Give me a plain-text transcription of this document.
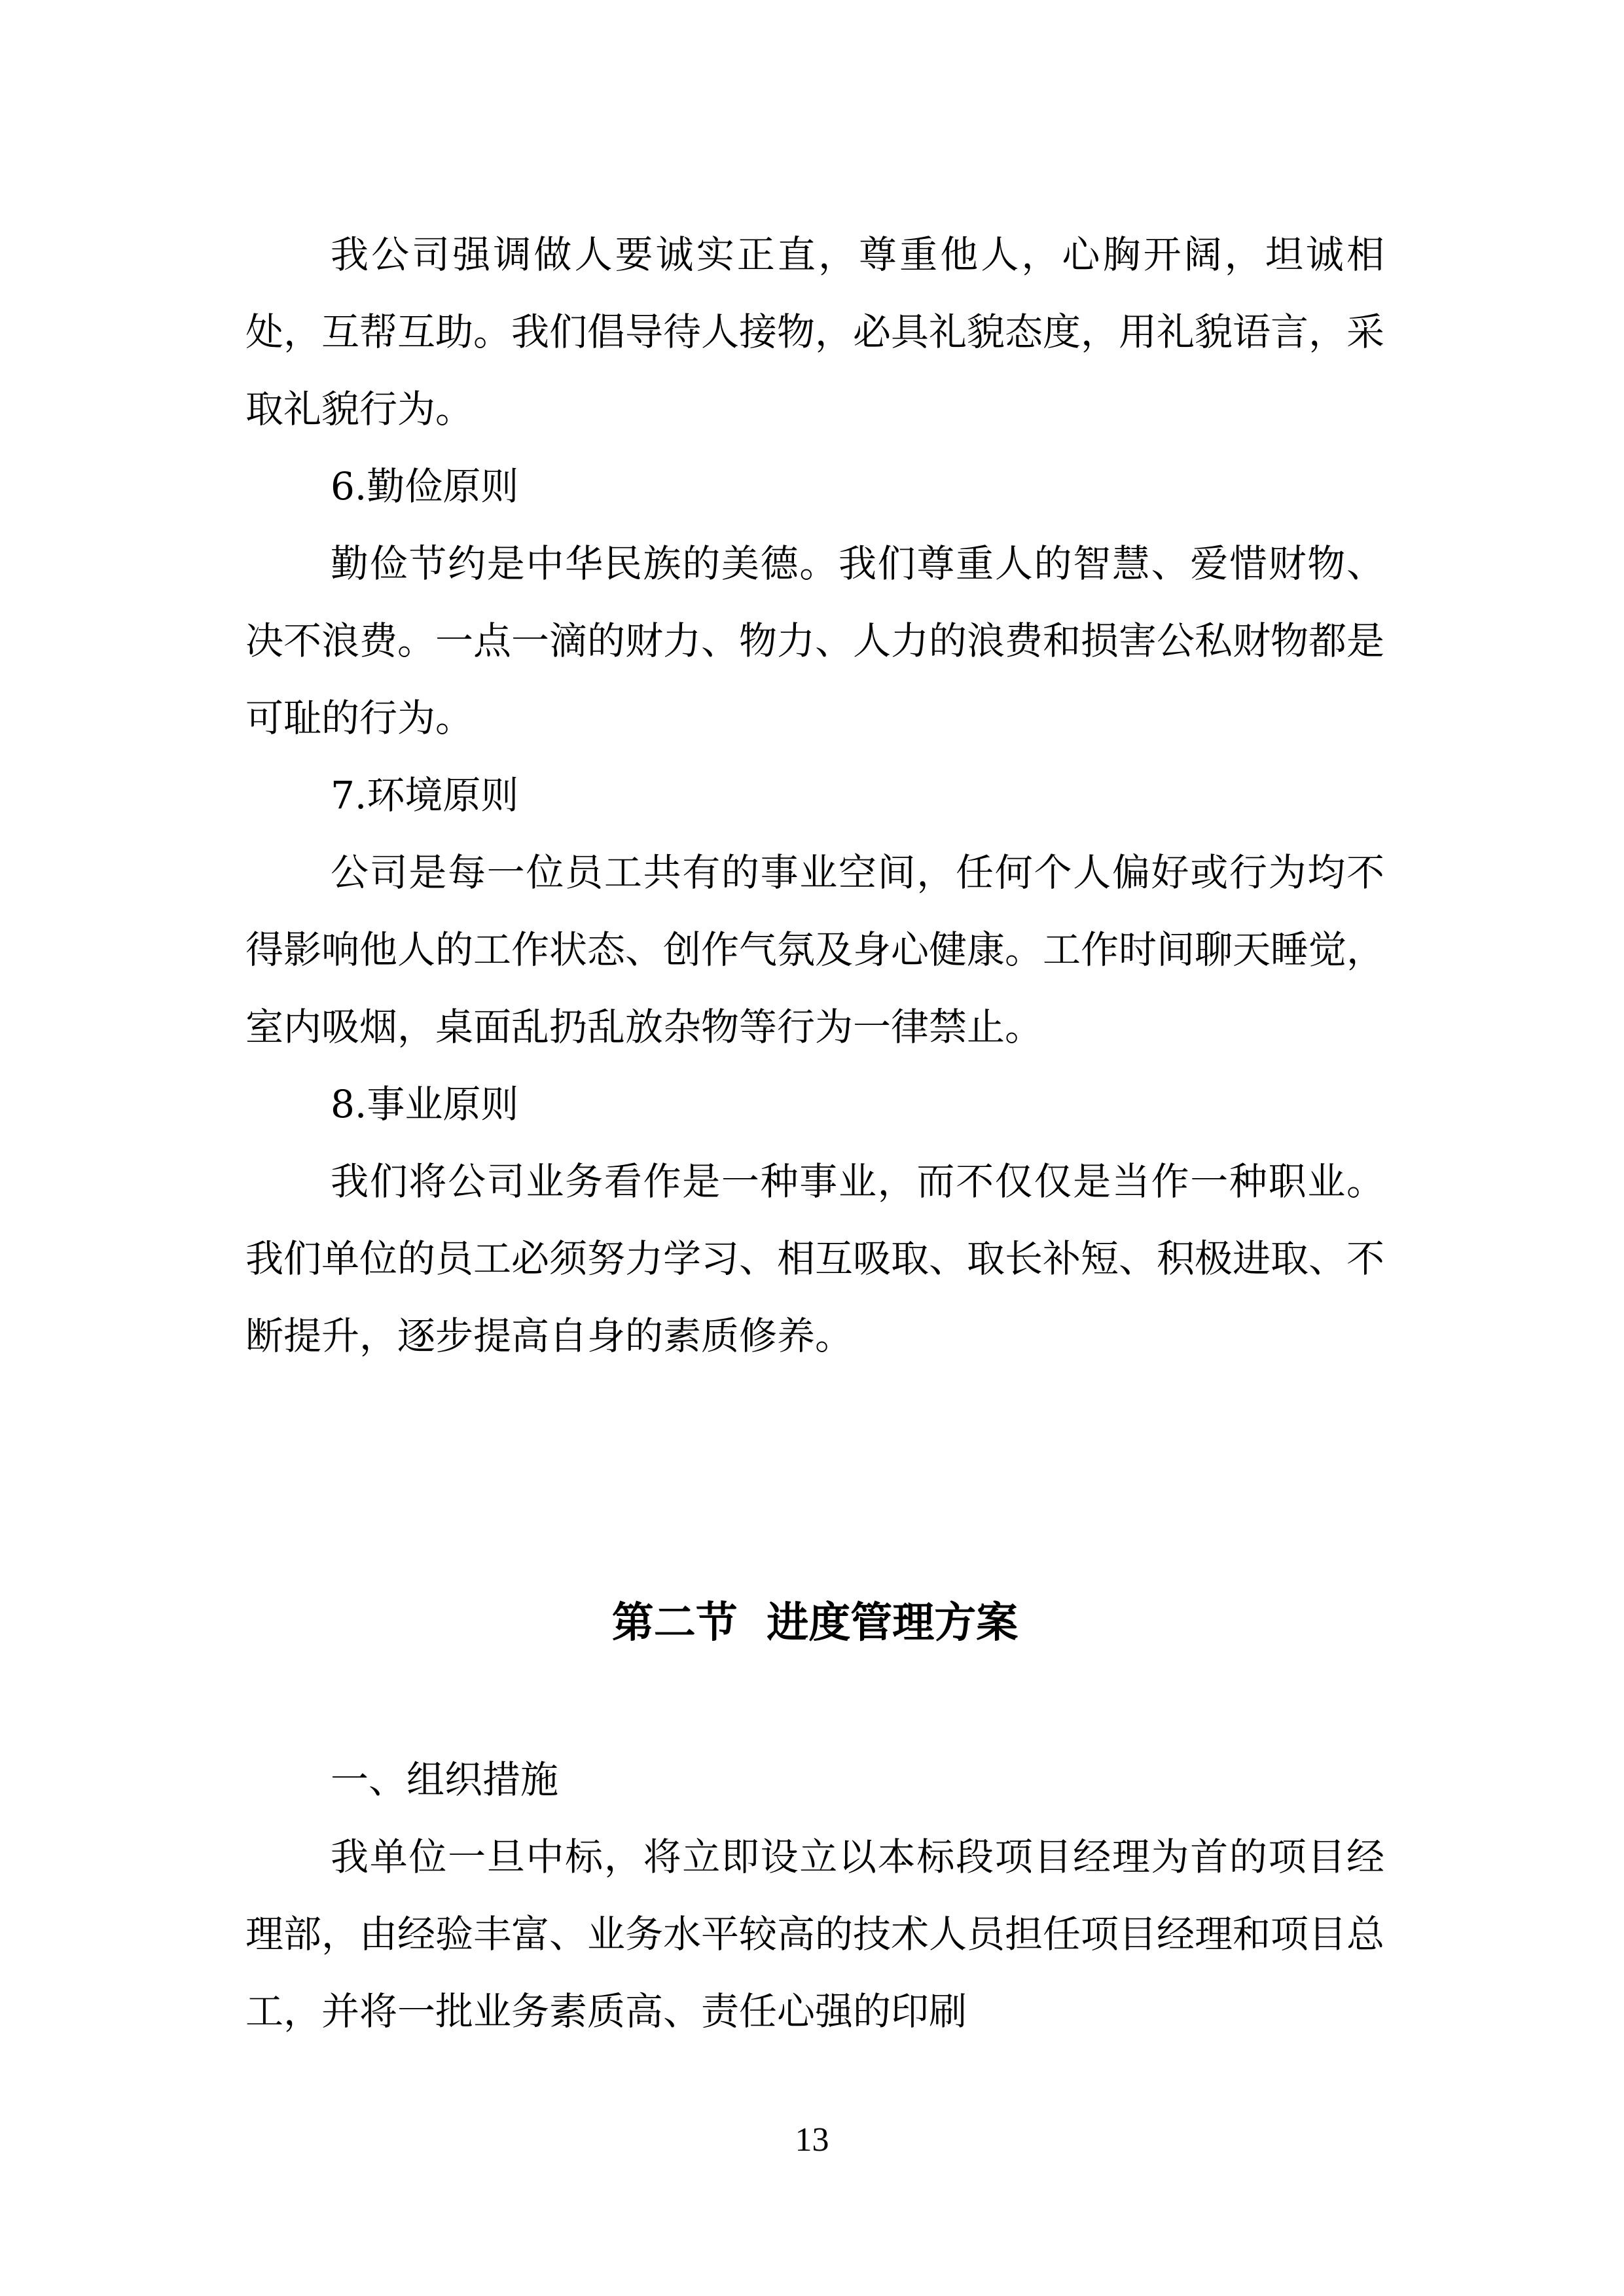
我公司强调做人要诚实正直，尊重他人，心胸开阔，坦诚相处，互帮互助。我们倡导待人接物，必具礼貌态度，用礼貌语言，采取礼貌行为。

6.勤俭原则

勤俭节约是中华民族的美德。我们尊重人的智慧、爱惜财物、决不浪费。一点一滴的财力、物力、人力的浪费和损害公私财物都是可耻的行为。

7.环境原则

公司是每一位员工共有的事业空间，任何个人偏好或行为均不得影响他人的工作状态、创作气氛及身心健康。工作时间聊天睡觉，室内吸烟，桌面乱扔乱放杂物等行为一律禁止。

8.事业原则

我们将公司业务看作是一种事业，而不仅仅是当作一种职业。我们单位的员工必须努力学习、相互吸取、取长补短、积极进取、不断提升，逐步提高自身的素质修养。

第二节  进度管理方案

一、组织措施

我单位一旦中标，将立即设立以本标段项目经理为首的项目经理部，由经验丰富、业务水平较高的技术人员担任项目经理和项目总工，并将一批业务素质高、责任心强的印刷

13
